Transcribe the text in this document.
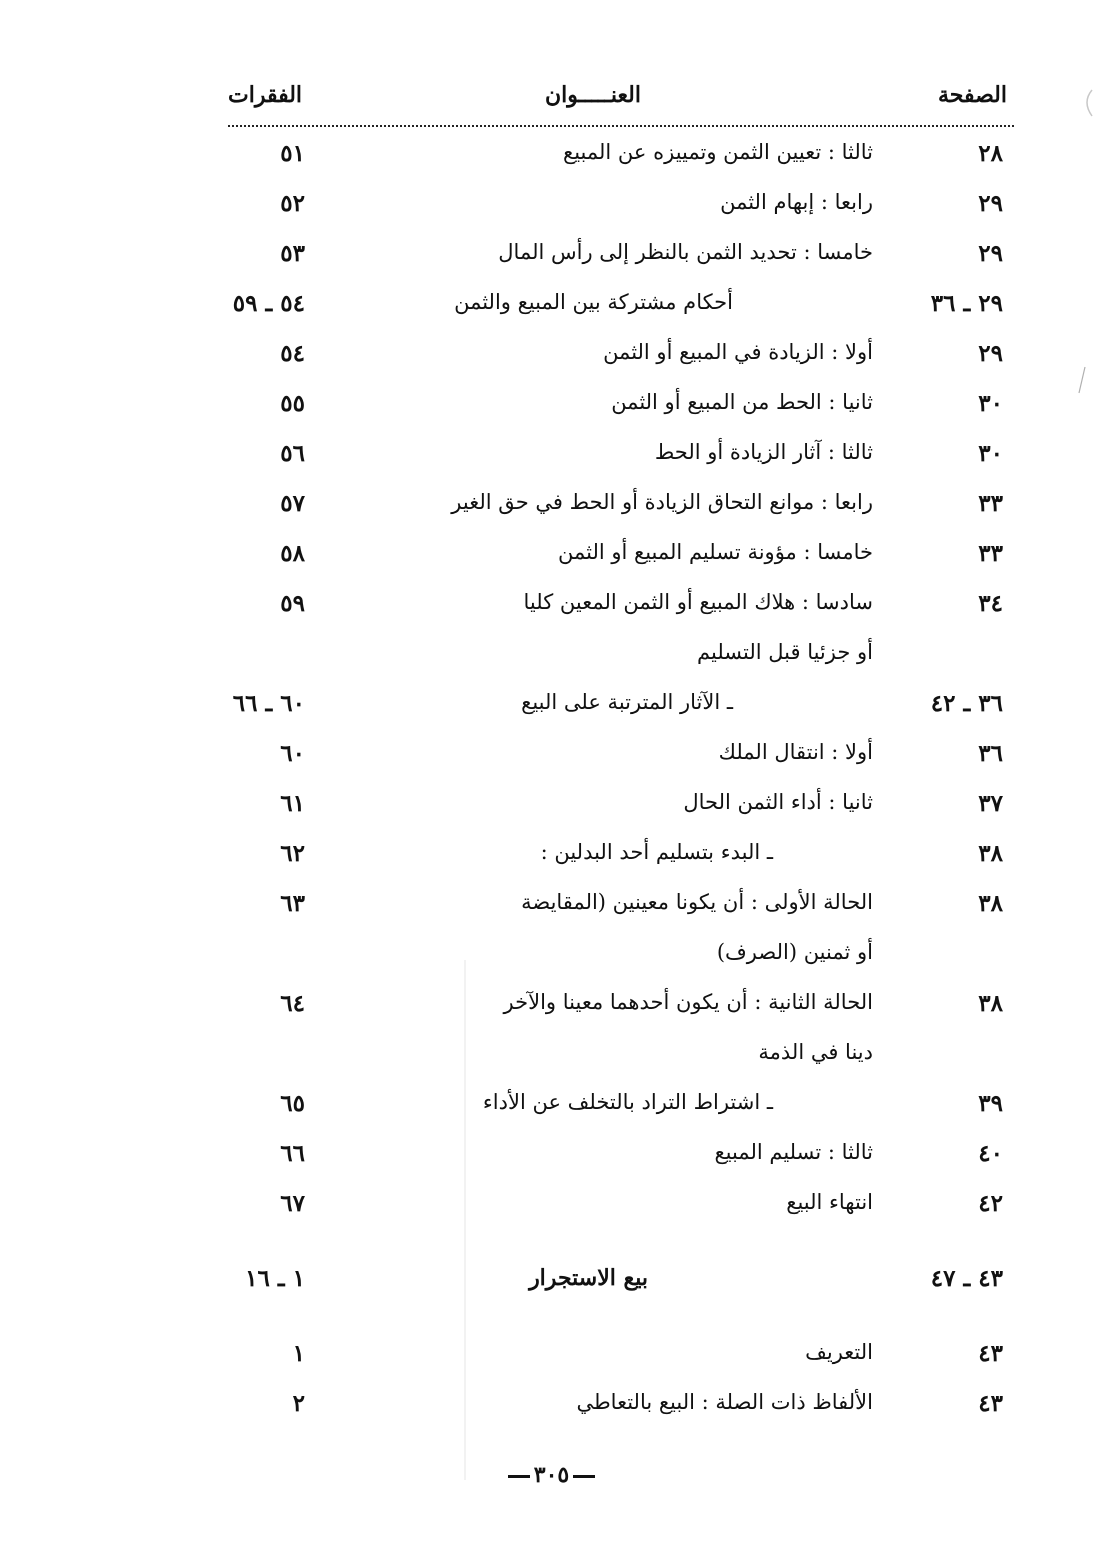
الصفحة
العنـــــوان
الفقرات
٢٨
ثالثا : تعيين الثمن وتمييزه عن المبيع
٥١
٢٩
رابعا : إبهام الثمن
٥٢
٢٩
خامسا : تحديد الثمن بالنظر إلى رأس المال
٥٣
٢٩ ـ ٣٦
أحكام مشتركة بين المبيع والثمن
٥٤ ـ ٥٩
٢٩
أولا : الزيادة في المبيع أو الثمن
٥٤
٣٠
ثانيا : الحط من المبيع أو الثمن
٥٥
٣٠
ثالثا : آثار الزيادة أو الحط
٥٦
٣٣
رابعا : موانع التحاق الزيادة أو الحط في حق الغير
٥٧
٣٣
خامسا : مؤونة تسليم المبيع أو الثمن
٥٨
٣٤
سادسا : هلاك المبيع أو الثمن المعين كليا
٥٩
أو جزئيا قبل التسليم
٣٦ ـ ٤٢
ـ الآثار المترتبة على البيع
٦٠ ـ ٦٦
٣٦
أولا : انتقال الملك
٦٠
٣٧
ثانيا : أداء الثمن الحال
٦١
٣٨
ـ البدء بتسليم أحد البدلين :
٦٢
٣٨
الحالة الأولى : أن يكونا معينين (المقايضة
٦٣
أو ثمنين (الصرف)
٣٨
الحالة الثانية : أن يكون أحدهما معينا والآخر
٦٤
دينا في الذمة
٣٩
ـ اشتراط التراد بالتخلف عن الأداء
٦٥
٤٠
ثالثا : تسليم المبيع
٦٦
٤٢
انتهاء البيع
٦٧
٤٣ ـ ٤٧
بيع الاستجرار
١ ـ ١٦
٤٣
التعريف
١
٤٣
الألفاظ ذات الصلة : البيع بالتعاطي
٢
٣٠٥
